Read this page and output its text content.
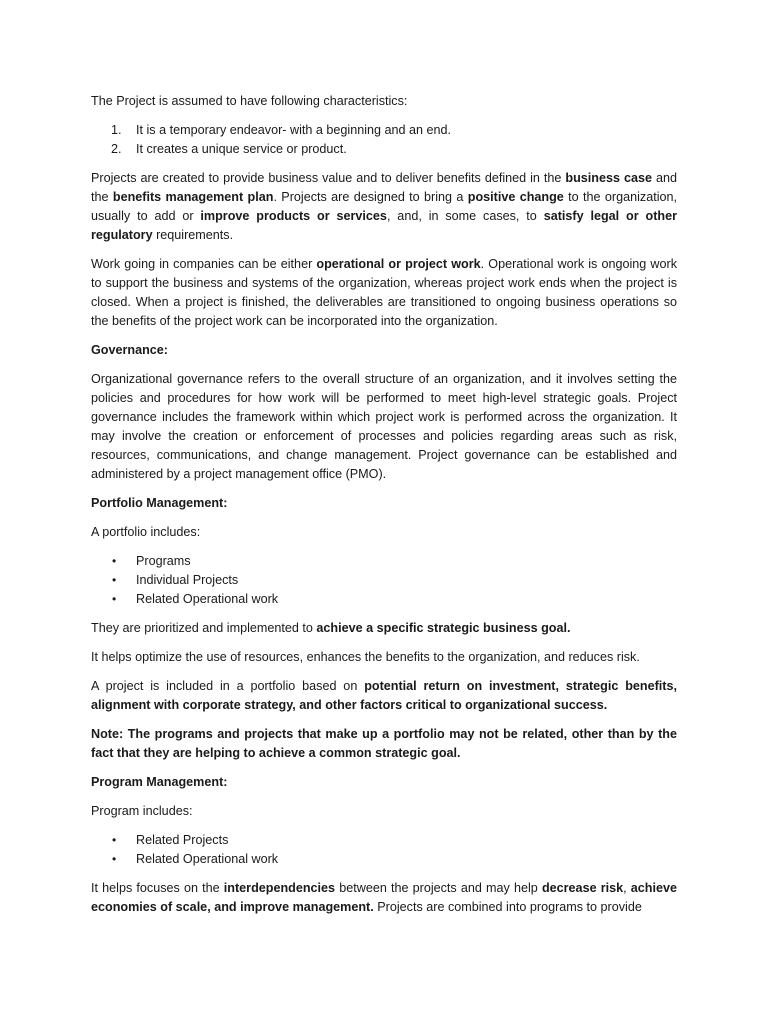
The Project is assumed to have following characteristics:

1. It is a temporary endeavor- with a beginning and an end.
2. It creates a unique service or product.

Projects are created to provide business value and to deliver benefits defined in the business case and the benefits management plan. Projects are designed to bring a positive change to the organization, usually to add or improve products or services, and, in some cases, to satisfy legal or other regulatory requirements.

Work going in companies can be either operational or project work. Operational work is ongoing work to support the business and systems of the organization, whereas project work ends when the project is closed. When a project is finished, the deliverables are transitioned to ongoing business operations so the benefits of the project work can be incorporated into the organization.

Governance:

Organizational governance refers to the overall structure of an organization, and it involves setting the policies and procedures for how work will be performed to meet high-level strategic goals. Project governance includes the framework within which project work is performed across the organization. It may involve the creation or enforcement of processes and policies regarding areas such as risk, resources, communications, and change management. Project governance can be established and administered by a project management office (PMO).

Portfolio Management:

A portfolio includes:

• Programs
• Individual Projects
• Related Operational work

They are prioritized and implemented to achieve a specific strategic business goal.

It helps optimize the use of resources, enhances the benefits to the organization, and reduces risk.

A project is included in a portfolio based on potential return on investment, strategic benefits, alignment with corporate strategy, and other factors critical to organizational success.

Note: The programs and projects that make up a portfolio may not be related, other than by the fact that they are helping to achieve a common strategic goal.

Program Management:

Program includes:

• Related Projects
• Related Operational work

It helps focuses on the interdependencies between the projects and may help decrease risk, achieve economies of scale, and improve management. Projects are combined into programs to provide
